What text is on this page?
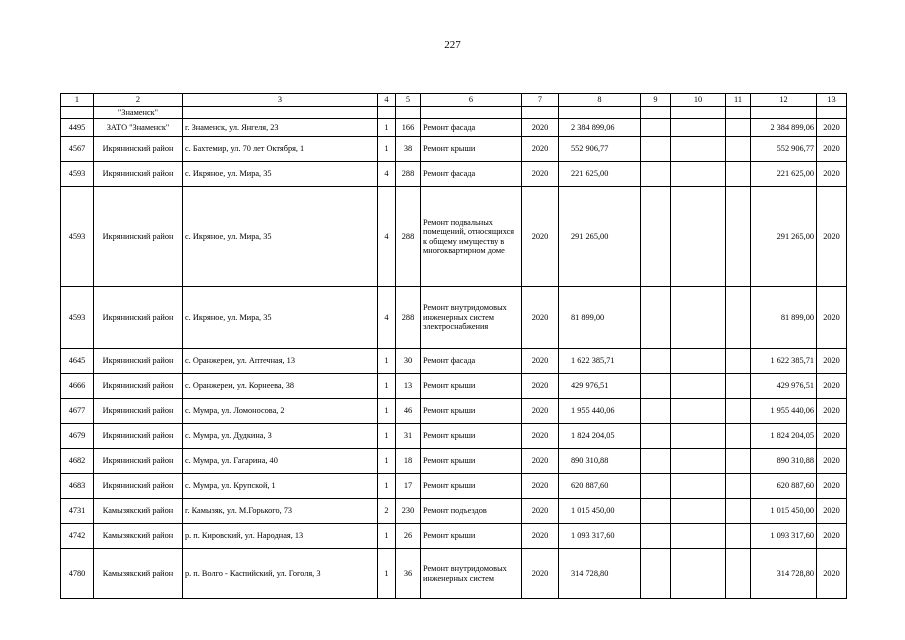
227
1	2	3	4	5	6	7	8	9	10	11	12	13
	"Знаменск"											
4495	ЗАТО "Знаменск"	г. Знаменск, ул. Янгеля, 23	1	166	Ремонт фасада	2020	2 384 899,06				2 384 899,06	2020
4567	Икрянинский район	с. Бахтемир, ул. 70 лет Октября, 1	1	38	Ремонт крыши	2020	552 906,77				552 906,77	2020
4593	Икрянинский район	с. Икряное, ул. Мира, 35	4	288	Ремонт фасада	2020	221 625,00				221 625,00	2020
4593	Икрянинский район	с. Икряное, ул. Мира, 35	4	288	Ремонт подвальных помещений, относящихся к общему имуществу в многоквартирном доме	2020	291 265,00				291 265,00	2020
4593	Икрянинский район	с. Икряное, ул. Мира, 35	4	288	Ремонт внутридомовых инженерных систем электроснабжения	2020	81 899,00				81 899,00	2020
4645	Икрянинский район	с. Оранжереи, ул. Аптечная, 13	1	30	Ремонт фасада	2020	1 622 385,71				1 622 385,71	2020
4666	Икрянинский район	с. Оранжереи, ул. Корнеева, 38	1	13	Ремонт крыши	2020	429 976,51				429 976,51	2020
4677	Икрянинский район	с. Мумра, ул. Ломоносова, 2	1	46	Ремонт крыши	2020	1 955 440,06				1 955 440,06	2020
4679	Икрянинский район	с. Мумра, ул. Дудкина, 3	1	31	Ремонт крыши	2020	1 824 204,05				1 824 204,05	2020
4682	Икрянинский район	с. Мумра, ул. Гагарина, 40	1	18	Ремонт крыши	2020	890 310,88				890 310,88	2020
4683	Икрянинский район	с. Мумра, ул. Крупской, 1	1	17	Ремонт крыши	2020	620 887,60				620 887,60	2020
4731	Камызякский район	г. Камызяк, ул. М.Горького, 73	2	230	Ремонт подъездов	2020	1 015 450,00				1 015 450,00	2020
4742	Камызякский район	р. п. Кировский, ул. Народная, 13	1	26	Ремонт крыши	2020	1 093 317,60				1 093 317,60	2020
4780	Камызякский район	р. п. Волго - Каспийский, ул. Гоголя, 3	1	36	Ремонт внутридомовых инженерных систем	2020	314 728,80				314 728,80	2020
